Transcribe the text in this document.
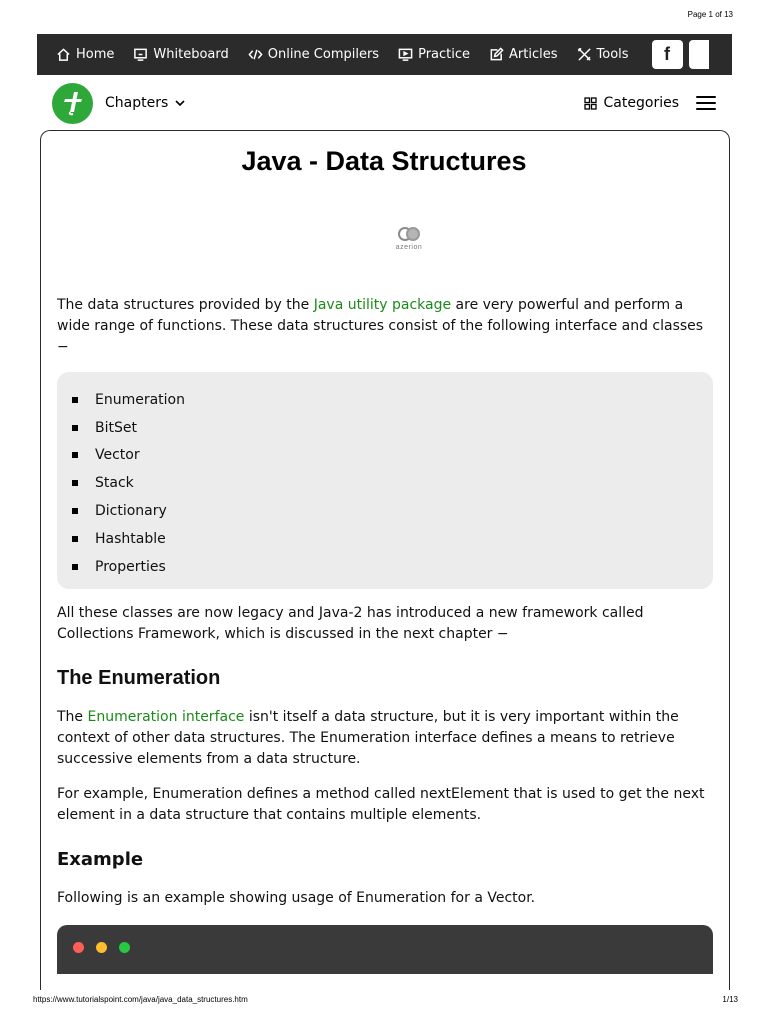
Page 1 of 13
Home	Whiteboard	Online Compilers	Practice	Articles	Tools	f
Chapters	Categories
Java - Data Structures
azerion

The data structures provided by the Java utility package are very powerful and perform a wide range of functions. These data structures consist of the following interface and classes −

Enumeration
BitSet
Vector
Stack
Dictionary
Hashtable
Properties

All these classes are now legacy and Java-2 has introduced a new framework called Collections Framework, which is discussed in the next chapter −

The Enumeration

The Enumeration interface isn't itself a data structure, but it is very important within the context of other data structures. The Enumeration interface defines a means to retrieve successive elements from a data structure.

For example, Enumeration defines a method called nextElement that is used to get the next element in a data structure that contains multiple elements.

Example

Following is an example showing usage of Enumeration for a Vector.

https://www.tutorialspoint.com/java/java_data_structures.htm	1/13
